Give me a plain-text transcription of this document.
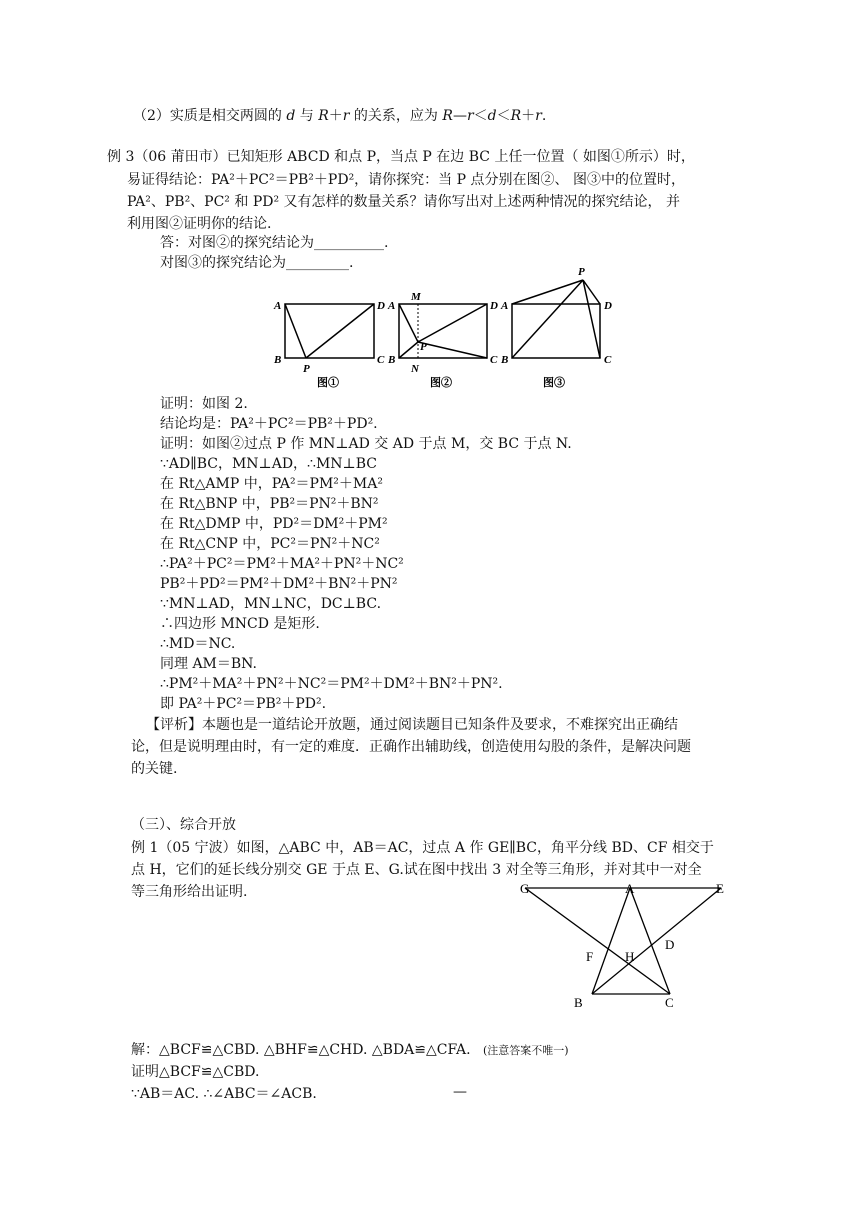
（2）实质是相交两圆的 d 与 R＋r 的关系，应为 R—r＜d＜R＋r.
例 3（06 莆田市）已知矩形 ABCD 和点 P，当点 P 在边 BC 上任一位置（ 如图①所示）时，
易证得结论：PA²＋PC²＝PB²＋PD²，请你探究：当 P 点分别在图②、 图③中的位置时，
PA²、PB²、PC² 和 PD² 又有怎样的数量关系？请你写出对上述两种情况的探究结论， 并
利用图②证明你的结论.
答：对图②的探究结论为__________.
对图③的探究结论为_________.
A	D
B	C
P
A
M
D
B
P
N
C
P
A	D
B	C
图①	图②	图③
证明：如图 2.
结论均是：PA²＋PC²＝PB²＋PD².
证明：如图②过点 P 作 MN⊥AD 交 AD 于点 M，交 BC 于点 N.
∵AD∥BC，MN⊥AD，∴MN⊥BC
在 Rt△AMP 中，PA²＝PM²＋MA²
在 Rt△BNP 中，PB²＝PN²＋BN²
在 Rt△DMP 中，PD²＝DM²＋PM²
在 Rt△CNP 中，PC²＝PN²＋NC²
∴PA²＋PC²＝PM²＋MA²＋PN²＋NC²
PB²＋PD²＝PM²＋DM²＋BN²＋PN²
∵MN⊥AD，MN⊥NC，DC⊥BC.
∴四边形 MNCD 是矩形.
∴MD＝NC.
同理 AM＝BN.
∴PM²＋MA²＋PN²＋NC²＝PM²＋DM²＋BN²＋PN².
即 PA²＋PC²＝PB²＋PD².
【评析】本题也是一道结论开放题，通过阅读题目已知条件及要求，不难探究出正确结
论，但是说明理由时，有一定的难度．正确作出辅助线，创造使用勾股的条件，是解决问题
的关键.
（三）、综合开放
例 1（05 宁波）如图，△ABC 中，AB＝AC，过点 A 作 GE∥BC，角平分线 BD、CF 相交于
点 H，它们的延长线分别交 GE 于点 E、G.试在图中找出 3 对全等三角形，并对其中一对全
等三角形给出证明.	G	A	E
D
F H
B	C
解：△BCF≌△CBD. △BHF≌△CHD. △BDA≌△CFA. (注意答案不唯一)
证明△BCF≌△CBD.
∵AB＝AC. ∴∠ABC＝∠ACB.	—
